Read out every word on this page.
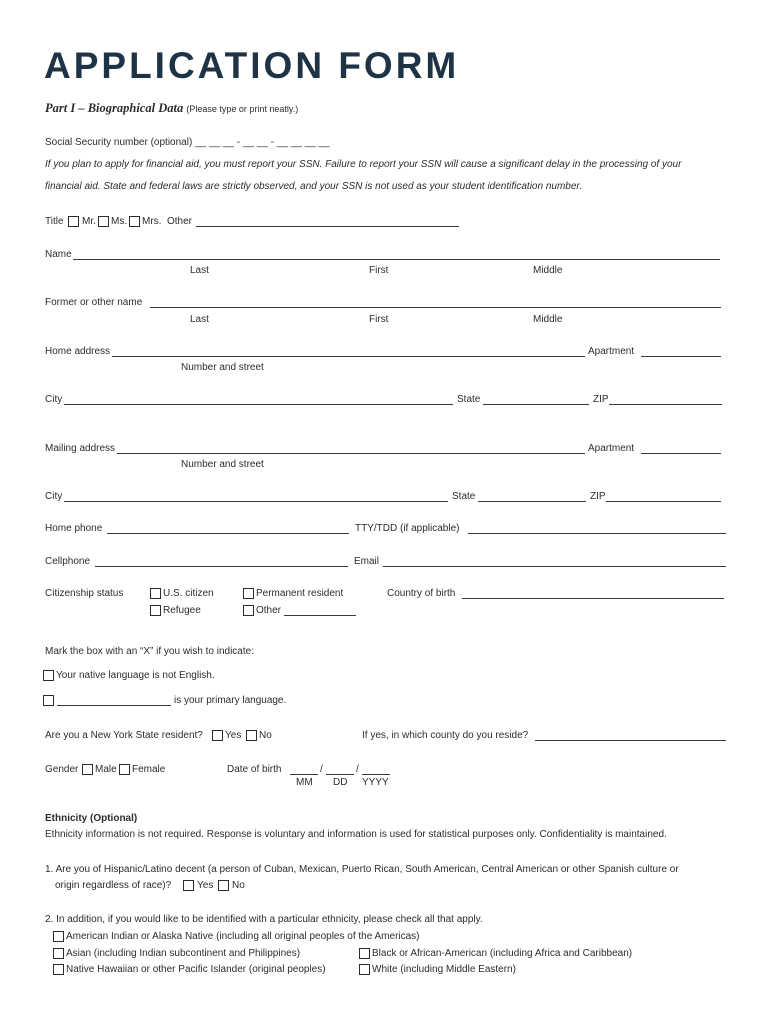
APPLICATION FORM
Part I – Biographical Data (Please type or print neatly.)
Social Security number (optional) __ __ __ - __ __ - __ __ __ __
If you plan to apply for financial aid, you must report your SSN. Failure to report your SSN will cause a significant delay in the processing of your
financial aid. State and federal laws are strictly observed, and your SSN is not used as your student identification number.
Title Mr. Ms. Mrs. Other
Name
Last	First	Middle
Former or other name
Last	First	Middle
Home address	Apartment
Number and street
City	State	ZIP
Mailing address	Apartment
Number and street
City	State	ZIP
Home phone	TTY/TDD (if applicable)
Cellphone	Email
Citizenship status	U.S. citizen	Permanent resident	Country of birth
Refugee	Other
Mark the box with an “X” if you wish to indicate:
Your native language is not English.
is your primary language.
Are you a New York State resident? Yes No	If yes, in which county do you reside?
Gender Male Female	Date of birth	/	/
MM DD YYYY
Ethnicity (Optional)
Ethnicity information is not required. Response is voluntary and information is used for statistical purposes only. Confidentiality is maintained.
1. Are you of Hispanic/Latino decent (a person of Cuban, Mexican, Puerto Rican, South American, Central American or other Spanish culture or
origin regardless of race)?	Yes No
2. In addition, if you would like to be identified with a particular ethnicity, please check all that apply.
American Indian or Alaska Native (including all original peoples of the Americas)
Asian (including Indian subcontinent and Philippines)	Black or African-American (including Africa and Caribbean)
Native Hawaiian or other Pacific Islander (original peoples)	White (including Middle Eastern)
